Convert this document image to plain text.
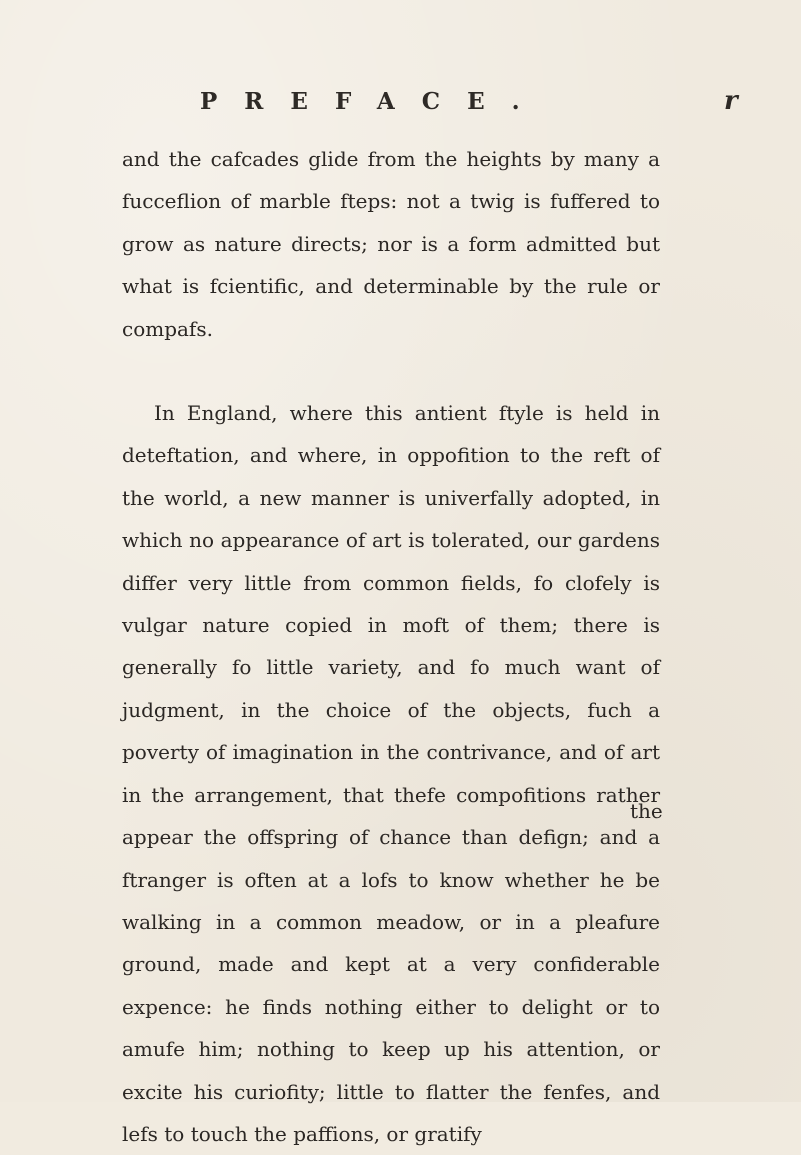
PREFACE.	r

and the cafcades glide from the heights by many a fucceflion of marble fteps: not a twig is fuffered to grow as nature directs; nor is a form admitted but what is fcientific, and determinable by the rule or compafs.

In England, where this antient ftyle is held in deteftation, and where, in oppofition to the reft of the world, a new manner is univerfally adopted, in which no appearance of art is tolerated, our gardens differ very little from common fields, fo clofely is vulgar nature copied in moft of them; there is generally fo little variety, and fo much want of judgment, in the choice of the objects, fuch a poverty of imagination in the contrivance, and of art in the arrangement, that thefe compofitions rather appear the offspring of chance than defign; and a ftranger is often at a lofs to know whether he be walking in a common meadow, or in a pleafure ground, made and kept at a very confiderable expence: he finds nothing either to delight or to amufe him; nothing to keep up his attention, or excite his curiofity; little to flatter the fenfes, and lefs to touch the paffions, or gratify

the
